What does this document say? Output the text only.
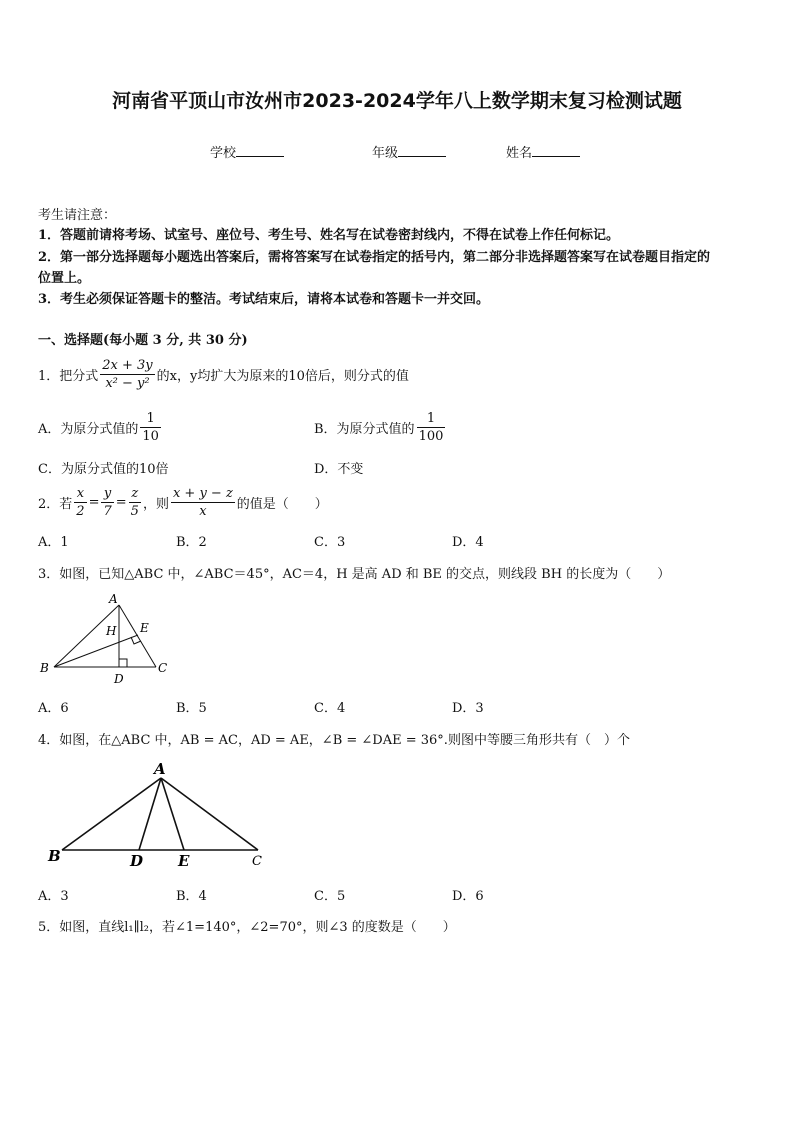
河南省平顶山市汝州市2023-2024学年八上数学期末复习检测试题
学校	年级	姓名
考生请注意：
1．答题前请将考场、试室号、座位号、考生号、姓名写在试卷密封线内，不得在试卷上作任何标记。
2．第一部分选择题每小题选出答案后，需将答案写在试卷指定的括号内，第二部分非选择题答案写在试卷题目指定的
位置上。
3．考生必须保证答题卡的整洁。考试结束后，请将本试卷和答题卡一并交回。
一、选择题(每小题 3 分, 共 30 分)
1．把分式 $\frac{2x + 3y}{\text{x² − y²}}$ 的x，y均扩大为原来的10倍后，则分式的值
A．为原分式值的 $\frac{1}{10}$	B．为原分式值的 $\frac{1}{100}$
C．为原分式值的10倍	D．不变
2．若 $\frac{x}{2} = \frac{y}{7} = \frac{z}{5}$ ，则 $\frac{x + y - z}{x}$ 的值是（　　）
A．1	B．2	C．3	D．4
3．如图，已知△ABC 中，∠ABC＝45°，AC＝4，H 是高 AD 和 BE 的交点，则线段 BH 的长度为（　　）
A
B	C
D
E
H
A．6	B．5	C．4	D．3
4．如图，在△ABC 中，AB = AC，AD = AE，∠B = ∠DAE = 36°.则图中等腰三角形共有（　）个
A
B	D E	C
A．3	B．4	C．5	D．6
5．如图，直线l₁∥l₂，若∠1=140°，∠2=70°，则∠3 的度数是（　　）
